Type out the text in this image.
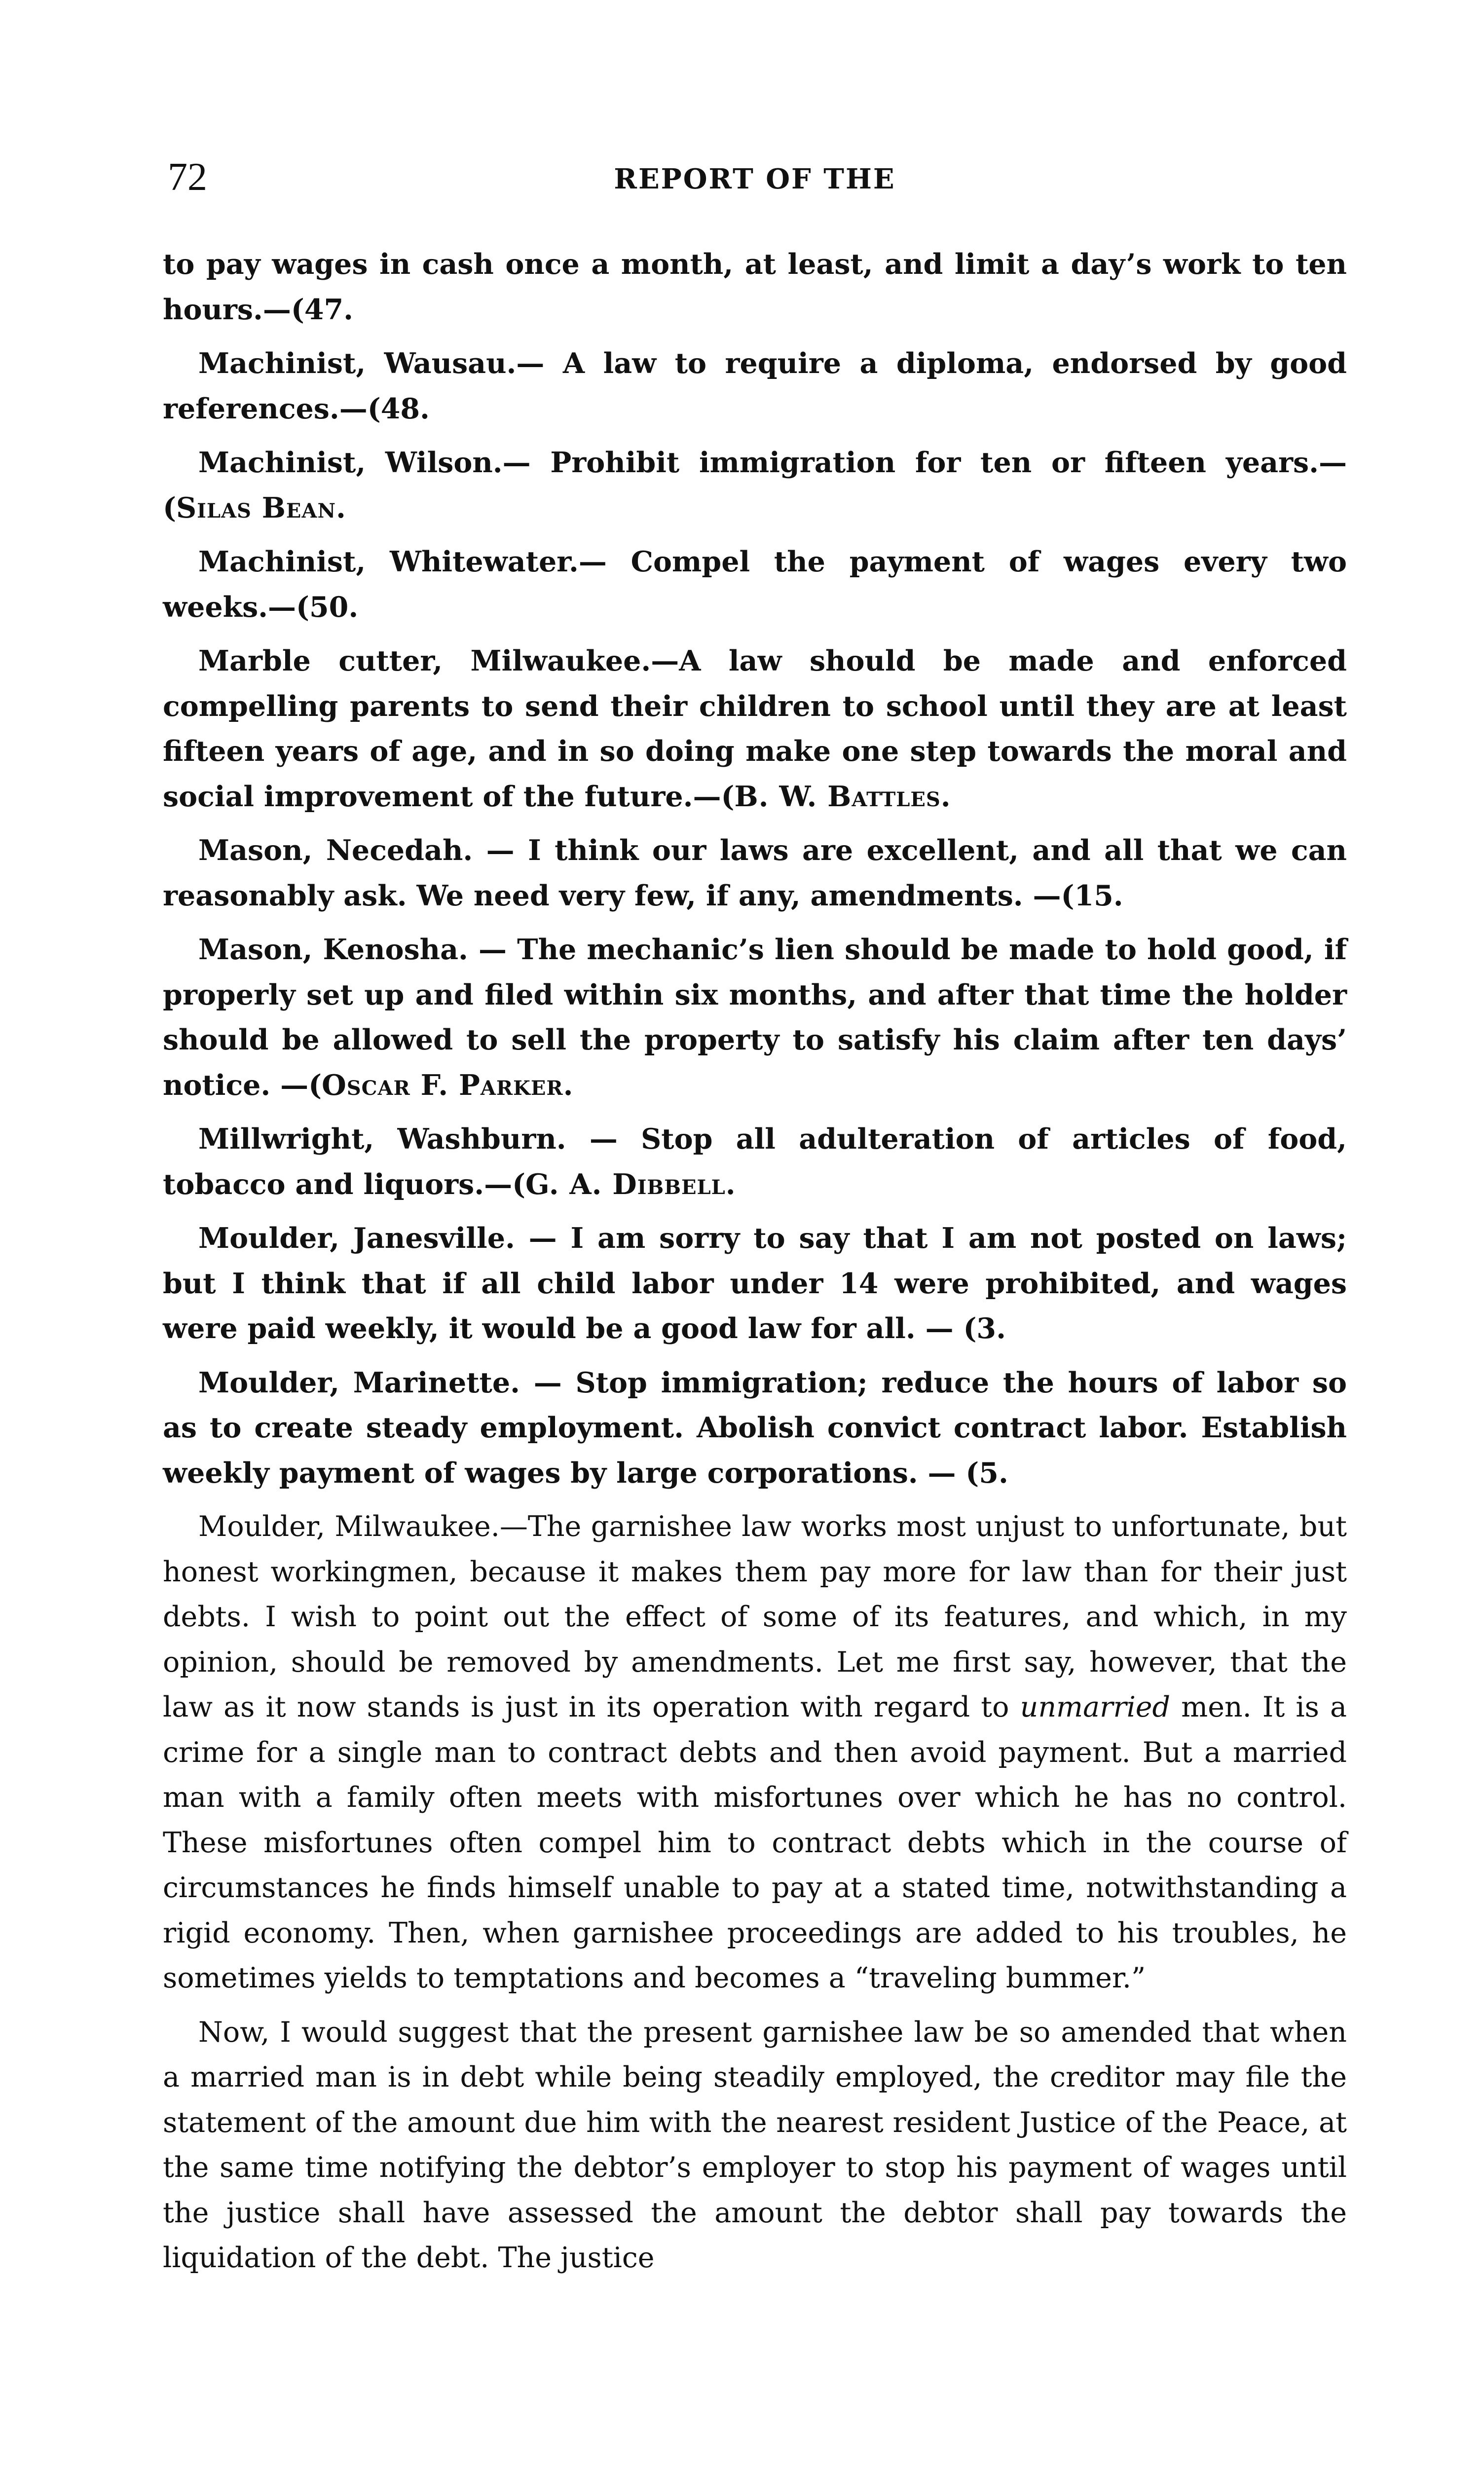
72	REPORT OF THE

to pay wages in cash once a month, at least, and limit a day’s work to ten hours.—(47.

Machinist, Wausau.— A law to require a diploma, endorsed by good references.—(48.

Machinist, Wilson.— Prohibit immigration for ten or fifteen years.— (Silas Bean.

Machinist, Whitewater.— Compel the payment of wages every two weeks.—(50.

Marble cutter, Milwaukee.—A law should be made and enforced compelling parents to send their children to school until they are at least fifteen years of age, and in so doing make one step towards the moral and social improvement of the future.—(B. W. Battles.

Mason, Necedah. — I think our laws are excellent, and all that we can reasonably ask. We need very few, if any, amendments. —(15.

Mason, Kenosha. — The mechanic’s lien should be made to hold good, if properly set up and filed within six months, and after that time the holder should be allowed to sell the property to satisfy his claim after ten days’ notice. —(Oscar F. Parker.

Millwright, Washburn. — Stop all adulteration of articles of food, tobacco and liquors.—(G. A. Dibbell.

Moulder, Janesville. — I am sorry to say that I am not posted on laws; but I think that if all child labor under 14 were prohibited, and wages were paid weekly, it would be a good law for all. — (3.

Moulder, Marinette. — Stop immigration; reduce the hours of labor so as to create steady employment. Abolish convict contract labor. Establish weekly payment of wages by large corporations. — (5.

Moulder, Milwaukee.—The garnishee law works most unjust to unfortunate, but honest workingmen, because it makes them pay more for law than for their just debts. I wish to point out the effect of some of its features, and which, in my opinion, should be removed by amendments. Let me first say, however, that the law as it now stands is just in its operation with regard to unmarried men. It is a crime for a single man to contract debts and then avoid payment. But a married man with a family often meets with misfortunes over which he has no control. These misfortunes often compel him to contract debts which in the course of circumstances he finds himself unable to pay at a stated time, notwithstanding a rigid economy. Then, when garnishee proceedings are added to his troubles, he sometimes yields to temptations and becomes a “traveling bummer.”

Now, I would suggest that the present garnishee law be so amended that when a married man is in debt while being steadily employed, the creditor may file the statement of the amount due him with the nearest resident Justice of the Peace, at the same time notifying the debtor’s employer to stop his payment of wages until the justice shall have assessed the amount the debtor shall pay towards the liquidation of the debt. The justice
